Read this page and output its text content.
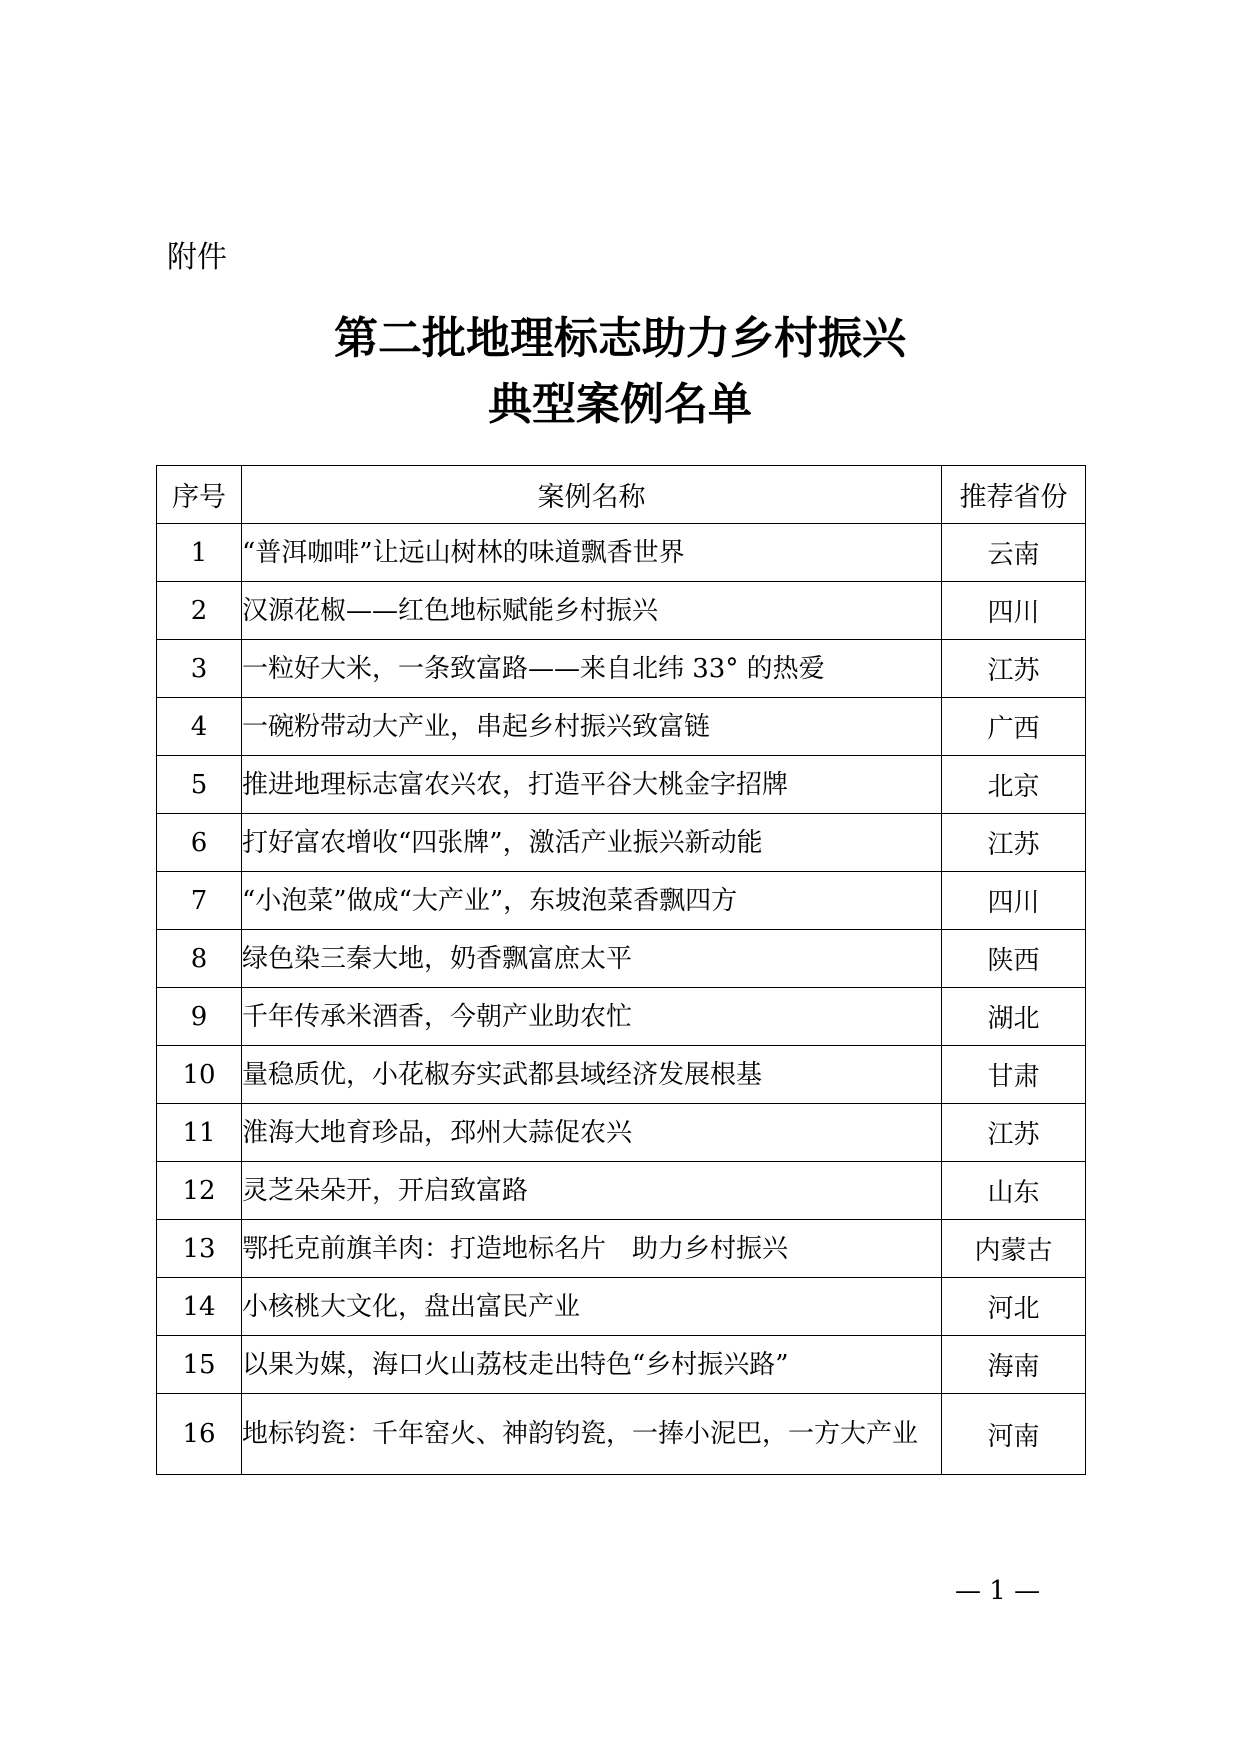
附件
第二批地理标志助力乡村振兴
典型案例名单
序号	案例名称	推荐省份
1	“普洱咖啡”让远山树林的味道飘香世界	云南
2	汉源花椒——红色地标赋能乡村振兴	四川
3	一粒好大米，一条致富路——来自北纬 33° 的热爱	江苏
4	一碗粉带动大产业，串起乡村振兴致富链	广西
5	推进地理标志富农兴农，打造平谷大桃金字招牌	北京
6	打好富农增收“四张牌”，激活产业振兴新动能	江苏
7	“小泡菜”做成“大产业”，东坡泡菜香飘四方	四川
8	绿色染三秦大地，奶香飘富庶太平	陕西
9	千年传承米酒香，今朝产业助农忙	湖北
10	量稳质优，小花椒夯实武都县域经济发展根基	甘肃
11	淮海大地育珍品，邳州大蒜促农兴	江苏
12	灵芝朵朵开，开启致富路	山东
13	鄂托克前旗羊肉：打造地标名片　助力乡村振兴	内蒙古
14	小核桃大文化，盘出富民产业	河北
15	以果为媒，海口火山荔枝走出特色“乡村振兴路”	海南
16	地标钧瓷：千年窑火、神韵钧瓷，一捧小泥巴，一方大产业	河南
— 1 —
